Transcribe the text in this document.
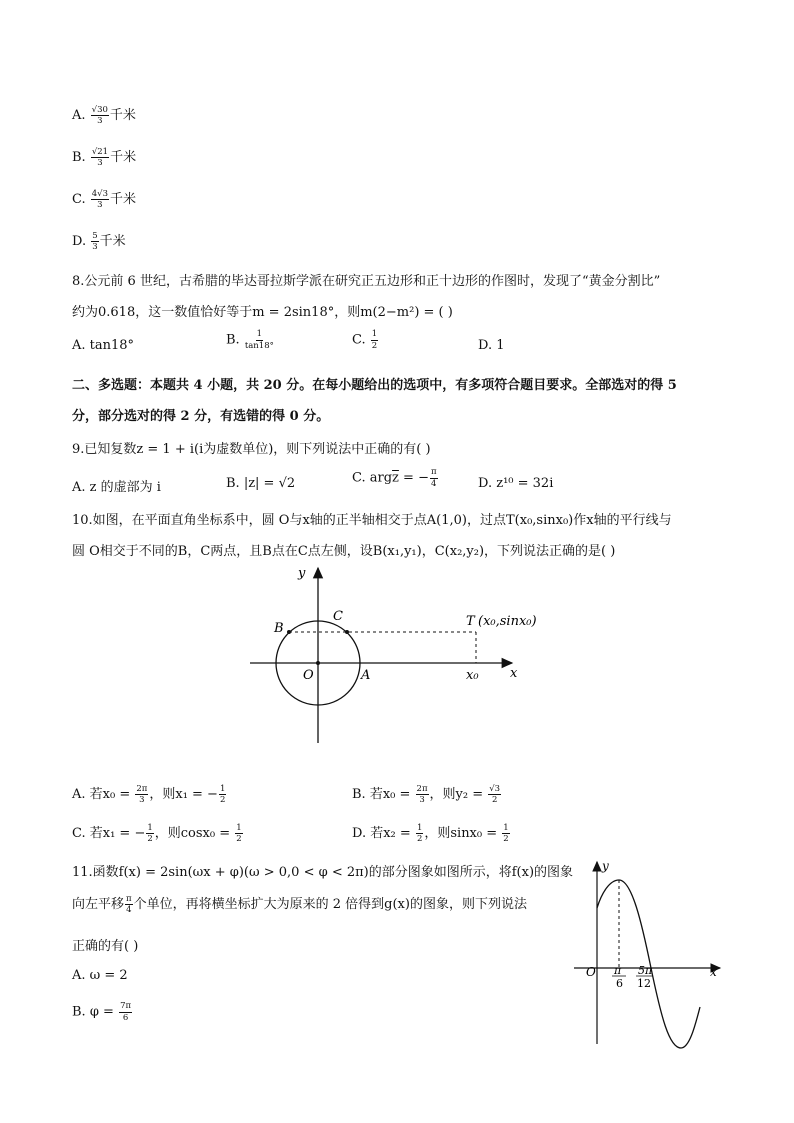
A. $\frac{√30}{3}$ 千米
B. $\frac{√21}{3}$ 千米
C. $\frac{4√3}{3}$ 千米
D. $\frac{5}{3}$ 千米
8.公元前 6 世纪，古希腊的毕达哥拉斯学派在研究正五边形和正十边形的作图时，发现了“黄金分割比”
约为0.618，这一数值恰好等于m = 2sin18°，则m(2−m²) = ( )
A. tan18°	B. $\frac{1}{\tan 18^\circ}$	C. $\frac{1}{2}$	D. 1
二、多选题：本题共 4 小题，共 20 分。在每小题给出的选项中，有多项符合题目要求。全部选对的得 5
分，部分选对的得 2 分，有选错的得 0 分。
9.已知复数z = 1 + i(i为虚数单位)，则下列说法中正确的有( )
A. z 的虚部为 i	B. |z| = √2	C. $arg\overline{z}$ = − $\frac{\pi}{4}$	D. z¹⁰ = 32i
10.如图，在平面直角坐标系中，圆 O与x轴的正半轴相交于点A(1,0)，过点T(x₀,sinx₀)作x轴的平行线与
圆 O相交于不同的B，C两点，且B点在C点左侧，设B(x₁,y₁)，C(x₂,y₂)，下列说法正确的是( )
y
x
O	A
B
C	T (x₀,sinx₀)
x₀
A. 若$x_0 = \frac{2\pi}{3}$ ，则x₁ = − $\frac{1}{2}$	B. 若$x_0 = \frac{2\pi}{3}$ ，则$y_2 = \frac{√3}{2}$
C. 若x₁ = − $\frac{1}{2}$ ，则$\cos x_0 = \frac{1}{2}$	D. 若$x_2 = \frac{1}{2}$ ，则$\sin x_0 = \frac{1}{2}$
11.函数f(x) = 2sin(ωx + φ)(ω > 0,0 < φ < 2π)的部分图象如图所示，将f(x)的图象
向左平移 $\frac{\pi}{4}$ 个单位，再将横坐标扩大为原来的 2 倍得到g(x)的图象，则下列说法
正确的有( )
A. ω = 2
B. $\varphi = \frac{7\pi}{6}$
y
x
O π
6
5π
12
